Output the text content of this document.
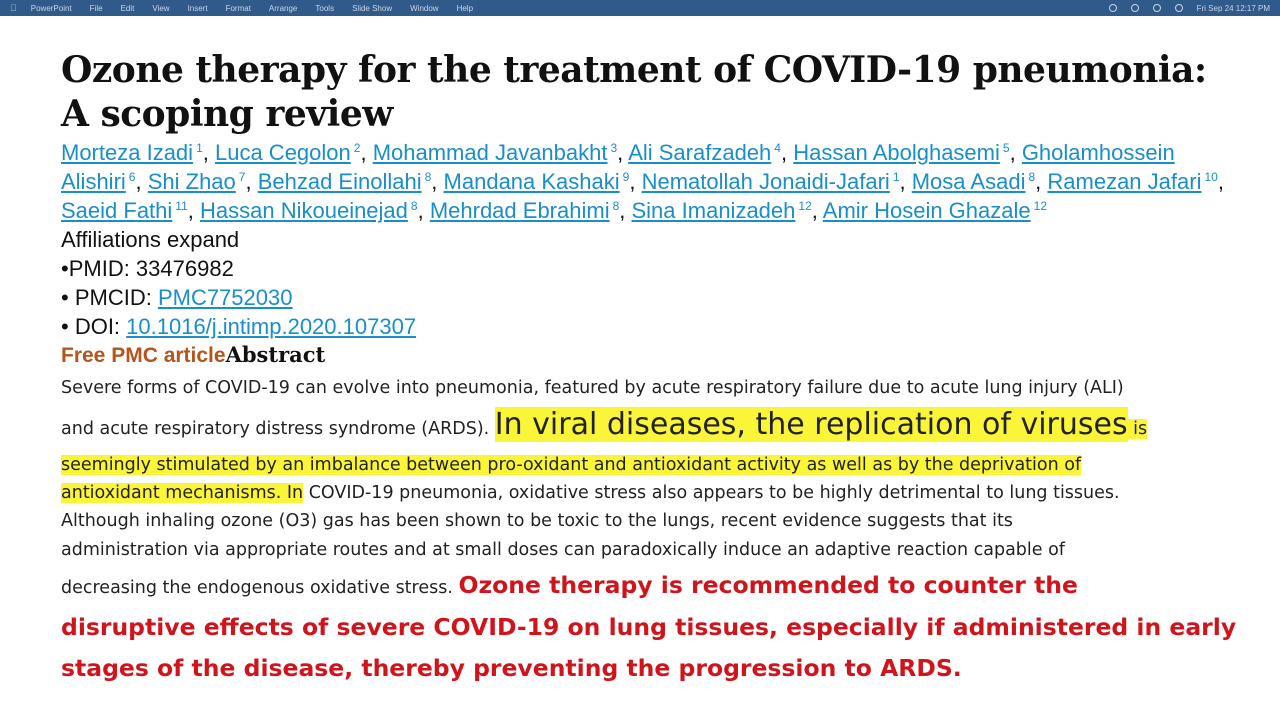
PowerPoint File Edit View Insert Format Arrange Tools Slide Show Window Help	Fri Sep 24 12:17 PM
Ozone therapy for the treatment of COVID-19 pneumonia: A scoping review
Morteza Izadi $^1$, Luca Cegolon $^2$, Mohammad Javanbakht $^3$, Ali Sarafzadeh $^4$, Hassan Abolghasemi $^5$, Gholamhossein Alishiri $^6$, Shi Zhao $^7$, Behzad Einollahi $^8$, Mandana Kashaki $^9$, Nematollah Jonaidi-Jafari $^1$, Mosa Asadi $^8$, Ramezan Jafari $^{10}$, Saeid Fathi $^{11}$, Hassan Nikoueinejad $^8$, Mehrdad Ebrahimi $^8$, Sina Imanizadeh $^{12}$, Amir Hosein Ghazale $^{12}$
Affiliations expand
•PMID: 33476982
• PMCID: PMC7752030
• DOI: 10.1016/j.intimp.2020.107307
Free PMC articleAbstract
Severe forms of COVID-19 can evolve into pneumonia, featured by acute respiratory failure due to acute lung injury (ALI)
and acute respiratory distress syndrome (ARDS). In viral diseases, the replication of viruses is
seemingly stimulated by an imbalance between pro-oxidant and antioxidant activity as well as by the deprivation of
antioxidant mechanisms. In COVID-19 pneumonia, oxidative stress also appears to be highly detrimental to lung tissues.
Although inhaling ozone (O3) gas has been shown to be toxic to the lungs, recent evidence suggests that its
administration via appropriate routes and at small doses can paradoxically induce an adaptive reaction capable of
decreasing the endogenous oxidative stress. Ozone therapy is recommended to counter the
disruptive effects of severe COVID-19 on lung tissues, especially if administered in early
stages of the disease, thereby preventing the progression to ARDS.
